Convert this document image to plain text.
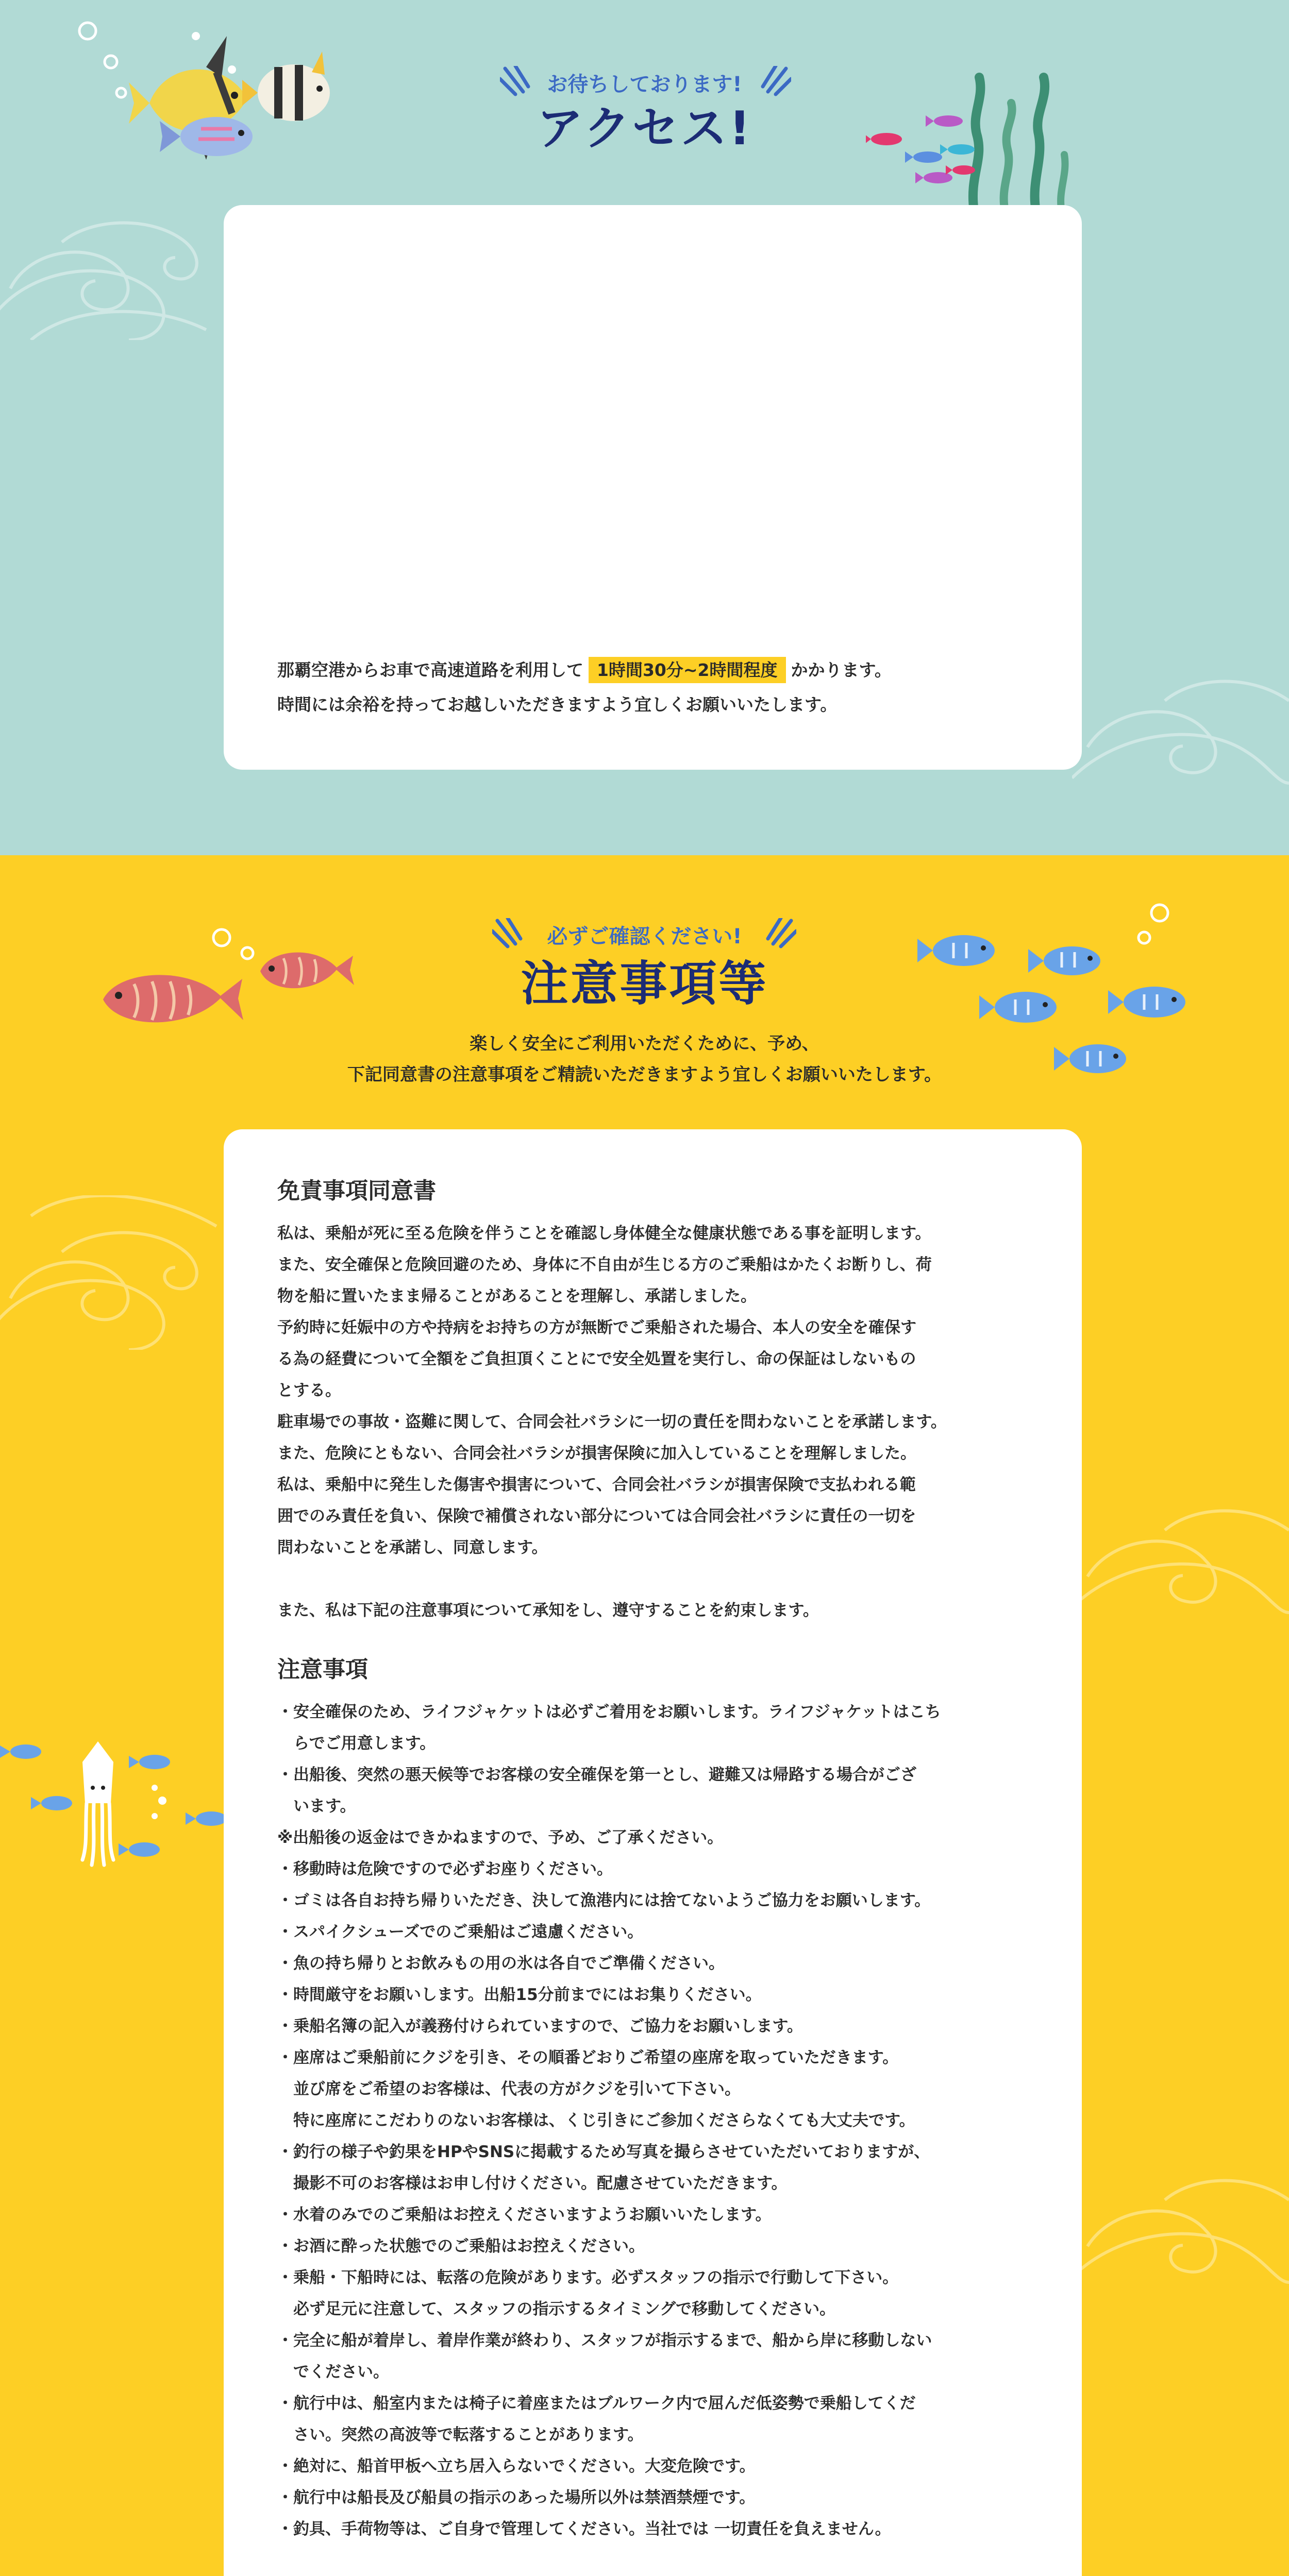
お待ちしております!
アクセス!
那覇空港からお車で高速道路を利用して 1時間30分~2時間程度 かかります。
時間には余裕を持ってお越しいただきますよう宜しくお願いいたします。
必ずご確認ください!
注意事項等
楽しく安全にご利用いただくために、予め、
下記同意書の注意事項をご精読いただきますよう宜しくお願いいたします。
免責事項同意書

私は、乗船が死に至る危険を伴うことを確認し身体健全な健康状態である事を証明します。

また、安全確保と危険回避のため、身体に不自由が生じる方のご乗船はかたくお断りし、荷

物を船に置いたまま帰ることがあることを理解し、承諾しました。

予約時に妊娠中の方や持病をお持ちの方が無断でご乗船された場合、本人の安全を確保す

る為の経費について全額をご負担頂くことにで安全処置を実行し、命の保証はしないもの

とする。

駐車場での事故・盗難に関して、合同会社バラシに一切の責任を問わないことを承諾します。

また、危険にともない、合同会社バラシが損害保険に加入していることを理解しました。

私は、乗船中に発生した傷害や損害について、合同会社バラシが損害保険で支払われる範

囲でのみ責任を負い、保険で補償されない部分については合同会社バラシに責任の一切を

問わないことを承諾し、同意します。

また、私は下記の注意事項について承知をし、遵守することを約束します。

注意事項

・安全確保のため、ライフジャケットは必ずご着用をお願いします。ライフジャケットはこち

　らでご用意します。

・出船後、突然の悪天候等でお客様の安全確保を第一とし、避難又は帰路する場合がござ

　います。

※出船後の返金はできかねますので、予め、ご了承ください。

・移動時は危険ですので必ずお座りください。

・ゴミは各自お持ち帰りいただき、決して漁港内には捨てないようご協力をお願いします。

・スパイクシューズでのご乗船はご遠慮ください。

・魚の持ち帰りとお飲みもの用の氷は各自でご準備ください。

・時間厳守をお願いします。出船15分前までにはお集りください。

・乗船名簿の記入が義務付けられていますので、ご協力をお願いします。

・座席はご乗船前にクジを引き、その順番どおりご希望の座席を取っていただきます。

　並び席をご希望のお客様は、代表の方がクジを引いて下さい。

　特に座席にこだわりのないお客様は、くじ引きにご参加くださらなくても大丈夫です。

・釣行の様子や釣果をHPやSNSに掲載するため写真を撮らさせていただいておりますが、

　撮影不可のお客様はお申し付けください。配慮させていただきます。

・水着のみでのご乗船はお控えくださいますようお願いいたします。

・お酒に酔った状態でのご乗船はお控えください。

・乗船・下船時には、転落の危険があります。必ずスタッフの指示で行動して下さい。

　必ず足元に注意して、スタッフの指示するタイミングで移動してください。

・完全に船が着岸し、着岸作業が終わり、スタッフが指示するまで、船から岸に移動しない

　でください。

・航行中は、船室内または椅子に着座またはブルワーク内で屈んだ低姿勢で乗船してくだ

　さい。突然の高波等で転落することがあります。

・絶対に、船首甲板へ立ち居入らないでください。大変危険です。

・航行中は船長及び船員の指示のあった場所以外は禁酒禁煙です。

・釣具、手荷物等は、ご自身で管理してください。当社では 一切責任を負えません。
